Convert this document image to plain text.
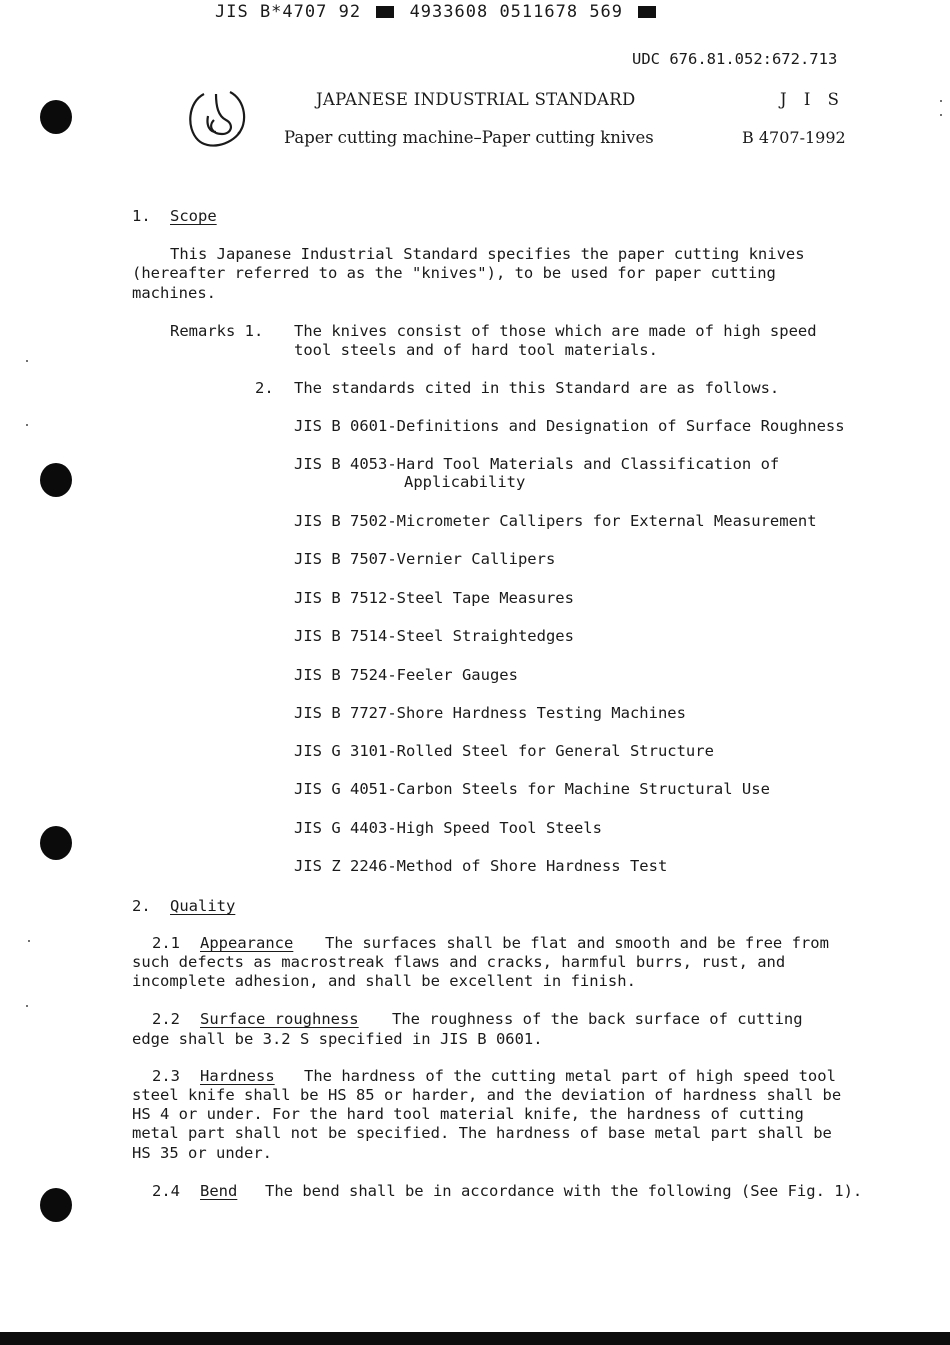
JIS B*4707 92	4933608 0511678 569
UDC 676.81.052:672.713
JAPANESE INDUSTRIAL STANDARD	J I S
Paper cutting machine–Paper cutting knives	B 4707-1992
1. Scope
This Japanese Industrial Standard specifies the paper cutting knives
(hereafter referred to as the "knives"), to be used for paper cutting
machines.
Remarks 1. The knives consist of those which are made of high speed
tool steels and of hard tool materials.
2. The standards cited in this Standard are as follows.
JIS B 0601-Definitions and Designation of Surface Roughness
JIS B 4053-Hard Tool Materials and Classification of
Applicability
JIS B 7502-Micrometer Callipers for External Measurement
JIS B 7507-Vernier Callipers
JIS B 7512-Steel Tape Measures
JIS B 7514-Steel Straightedges
JIS B 7524-Feeler Gauges
JIS B 7727-Shore Hardness Testing Machines
JIS G 3101-Rolled Steel for General Structure
JIS G 4051-Carbon Steels for Machine Structural Use
JIS G 4403-High Speed Tool Steels
JIS Z 2246-Method of Shore Hardness Test
2. Quality
2.1 Appearance The surfaces shall be flat and smooth and be free from
such defects as macrostreak flaws and cracks, harmful burrs, rust, and
incomplete adhesion, and shall be excellent in finish.
2.2 Surface roughness The roughness of the back surface of cutting
edge shall be 3.2 S specified in JIS B 0601.
2.3 Hardness The hardness of the cutting metal part of high speed tool
steel knife shall be HS 85 or harder, and the deviation of hardness shall be
HS 4 or under. For the hard tool material knife, the hardness of cutting
metal part shall not be specified. The hardness of base metal part shall be
HS 35 or under.
2.4 Bend The bend shall be in accordance with the following (See Fig. 1).
